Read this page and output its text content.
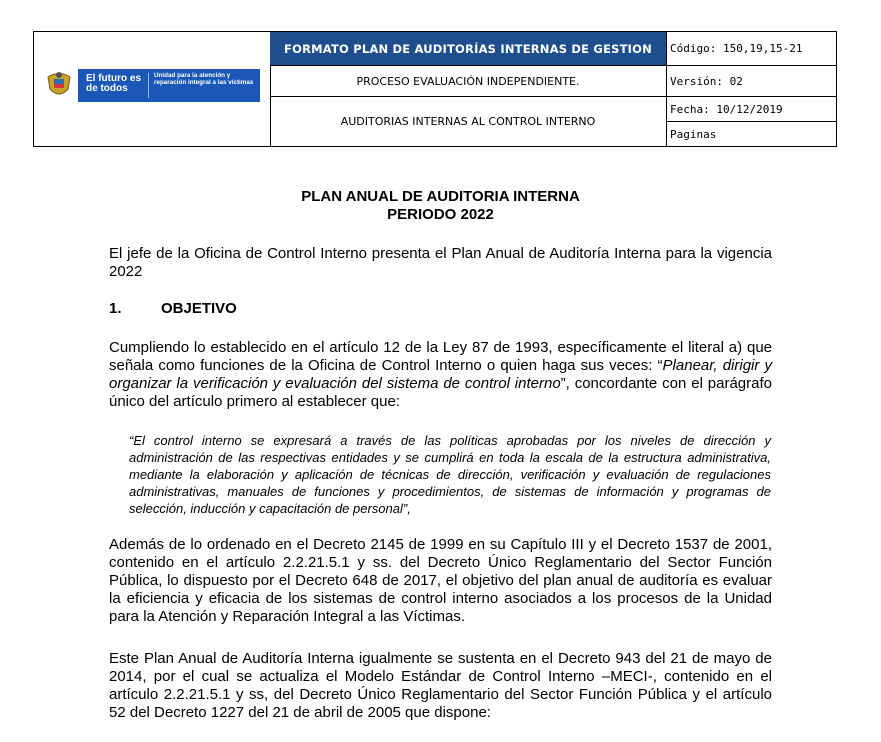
El futuro es de todos
Unidad para la atención y reparación integral a las víctimas
FORMATO PLAN DE AUDITORÍAS INTERNAS DE GESTION
PROCESO EVALUACIÓN INDEPENDIENTE.
AUDITORIAS INTERNAS AL CONTROL INTERNO
Código: 150,19,15-21
Versión: 02
Fecha: 10/12/2019
Paginas
PLAN ANUAL DE AUDITORIA INTERNA
PERIODO 2022
El jefe de la Oficina de Control Interno presenta el Plan Anual de Auditoría Interna para la vigencia 2022
1.	OBJETIVO
Cumpliendo lo establecido en el artículo 12 de la Ley 87 de 1993, específicamente el literal a) que señala como funciones de la Oficina de Control Interno o quien haga sus veces: “Planear, dirigir y organizar la verificación y evaluación del sistema de control interno”, concordante con el parágrafo único del artículo primero al establecer que:
“El control interno se expresará a través de las políticas aprobadas por los niveles de dirección y administración de las respectivas entidades y se cumplirá en toda la escala de la estructura administrativa, mediante la elaboración y aplicación de técnicas de dirección, verificación y evaluación de regulaciones administrativas, manuales de funciones y procedimientos, de sistemas de información y programas de selección, inducción y capacitación de personal”,
Además de lo ordenado en el Decreto 2145 de 1999 en su Capítulo III y el Decreto 1537 de 2001, contenido en el artículo 2.2.21.5.1 y ss. del Decreto Único Reglamentario del Sector Función Pública, lo dispuesto por el Decreto 648 de 2017, el objetivo del plan anual de auditoría es evaluar la eficiencia y eficacia de los sistemas de control interno asociados a los procesos de la Unidad para la Atención y Reparación Integral a las Víctimas.
Este Plan Anual de Auditoría Interna igualmente se sustenta en el Decreto 943 del 21 de mayo de 2014, por el cual se actualiza el Modelo Estándar de Control Interno –MECI-, contenido en el artículo 2.2.21.5.1 y ss, del Decreto Único Reglamentario del Sector Función Pública y el artículo 52 del Decreto 1227 del 21 de abril de 2005 que dispone:
